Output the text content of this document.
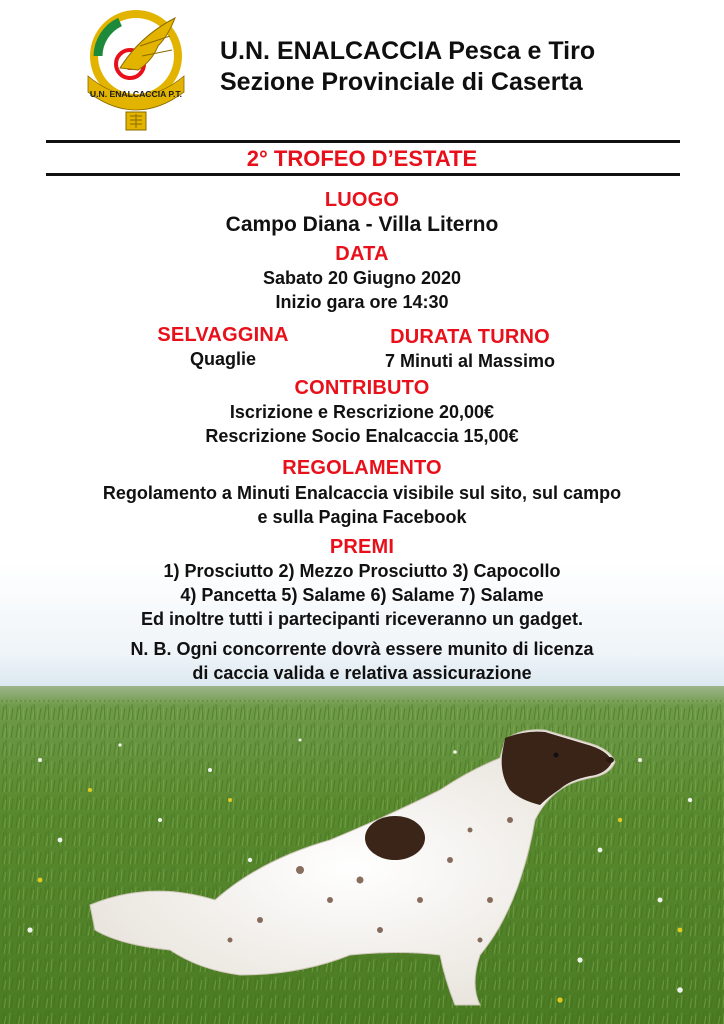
U.N. ENALCACCIA P.T.
U.N. ENALCACCIA Pesca e Tiro
Sezione Provinciale di Caserta
2° TROFEO D’ESTATE
LUOGO
Campo Diana - Villa Literno
DATA
Sabato 20 Giugno 2020
Inizio gara ore 14:30
SELVAGGINA
Quaglie
DURATA TURNO
7 Minuti al Massimo
CONTRIBUTO
Iscrizione e Rescrizione 20,00€
Rescrizione Socio Enalcaccia 15,00€
REGOLAMENTO
Regolamento a Minuti Enalcaccia visibile sul sito, sul campo
e sulla Pagina Facebook
PREMI
1) Prosciutto 2) Mezzo Prosciutto 3) Capocollo
4) Pancetta 5) Salame 6) Salame 7) Salame
Ed inoltre tutti i partecipanti riceveranno un gadget.
N. B. Ogni concorrente dovrà essere munito di licenza
di caccia valida e relativa assicurazione
